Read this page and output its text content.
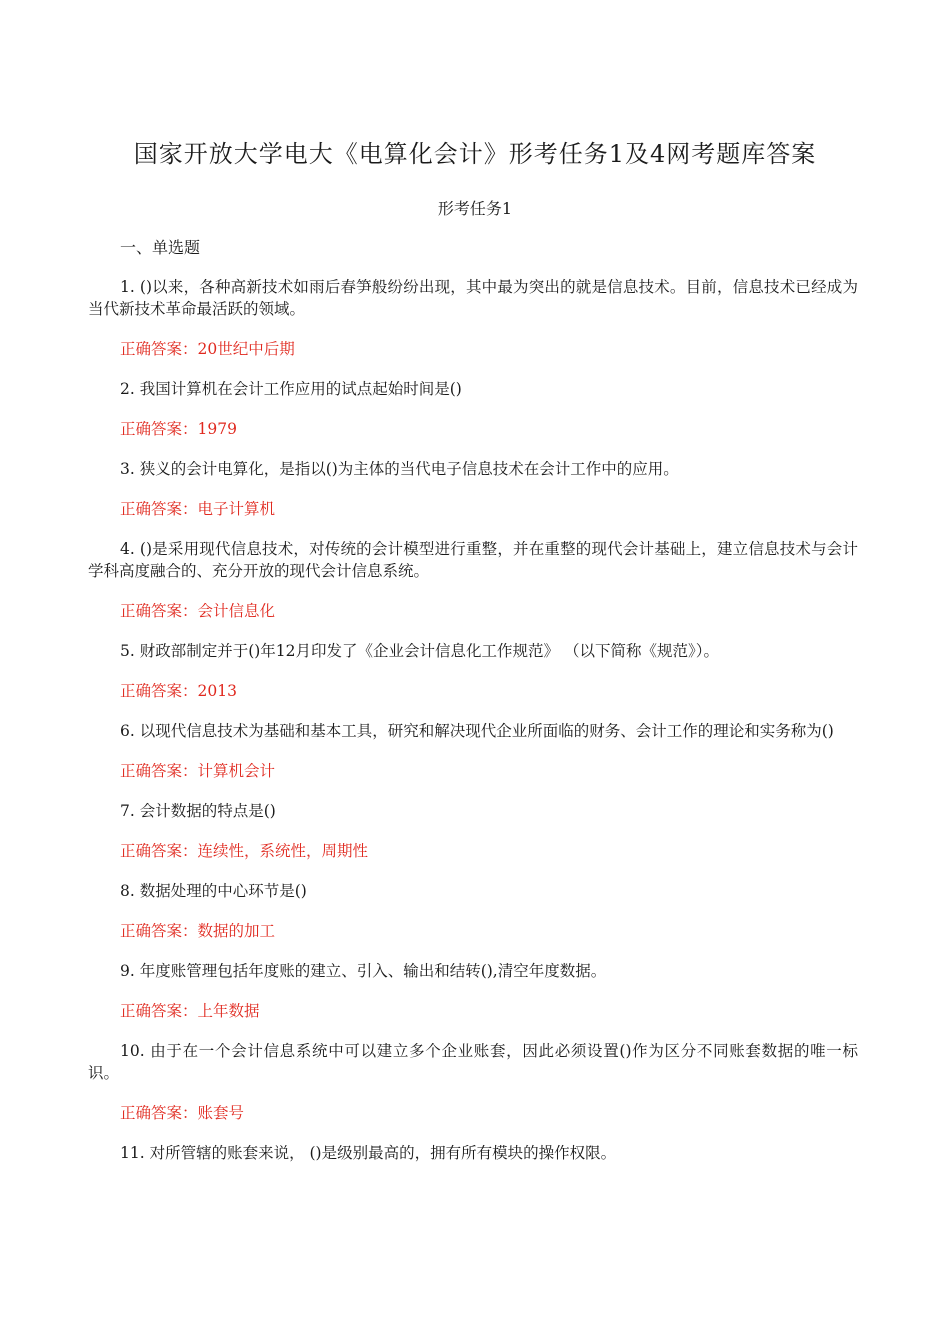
国家开放大学电大《电算化会计》形考任务1及4网考题库答案
形考任务1
一、单选题

1. ()以来，各种高新技术如雨后春笋般纷纷出现，其中最为突出的就是信息技术。目前，信息技术已经成为当代新技术革命最活跃的领域。

正确答案：20世纪中后期

2. 我国计算机在会计工作应用的试点起始时间是()

正确答案：1979

3. 狭义的会计电算化，是指以()为主体的当代电子信息技术在会计工作中的应用。

正确答案：电子计算机

4. ()是采用现代信息技术，对传统的会计模型进行重整，并在重整的现代会计基础上，建立信息技术与会计学科高度融合的、充分开放的现代会计信息系统。

正确答案：会计信息化

5. 财政部制定并于()年12月印发了《企业会计信息化工作规范》 （以下简称《规范》）。

正确答案：2013

6. 以现代信息技术为基础和基本工具，研究和解决现代企业所面临的财务、会计工作的理论和实务称为()

正确答案：计算机会计

7. 会计数据的特点是()

正确答案：连续性，系统性，周期性

8. 数据处理的中心环节是()

正确答案：数据的加工

9. 年度账管理包括年度账的建立、引入、输出和结转(),清空年度数据。

正确答案：上年数据

10. 由于在一个会计信息系统中可以建立多个企业账套，因此必须设置()作为区分不同账套数据的唯一标识。

正确答案：账套号

11. 对所管辖的账套来说， ()是级别最高的，拥有所有模块的操作权限。
